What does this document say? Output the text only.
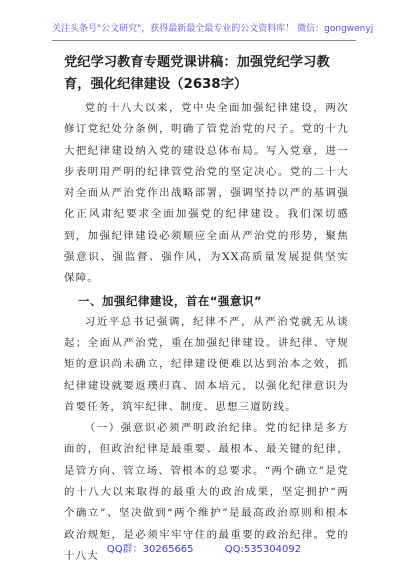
关注头条号"公文研究"，获得最新最全最专业的公文资料库！ 微信：gongwenyj

党纪学习教育专题党课讲稿：加强党纪学习教育，强化纪律建设（2638字）

党的十八大以来，党中央全面加强纪律建设，两次修订党纪处分条例，明确了管党治党的尺子。党的十九大把纪律建设纳入党的建设总体布局。写入党章，进一步表明用严明的纪律管党治党的坚定决心。党的二十大对全面从严治党作出战略部署，强调坚持以严的基调强化正风肃纪要求全面加强党的纪律建设。我们深切感到，加强纪律建设必须顺应全面从严治党的形势，聚焦强意识、强监督、强作风，为XX高质量发展提供坚实保障。

一、加强纪律建设，首在“强意识”

习近平总书记强调，纪律不严，从严治党就无从谈起；全面从严治党，重在加强纪律建设。讲纪律、守规矩的意识尚未确立，纪律建设便难以达到治本之效，抓纪律建设就要返璞归真、固本培元，以强化纪律意识为首要任务，筑牢纪律、制度、思想三道防线。

（一）强意识必须严明政治纪律。党的纪律是多方面的，但政治纪律是最重要、最根本、最关键的纪律，是管方向、管立场、管根本的总要求。“两个确立”是党的十八大以来取得的最重大的政治成果，坚定拥护“两个确立”、坚决做到“两个维护”是最高政治原则和根本政治规矩，是必须牢牢守住的最重要的政治纪律。党的十八大

QQ群：30265665	QQ:535304092
